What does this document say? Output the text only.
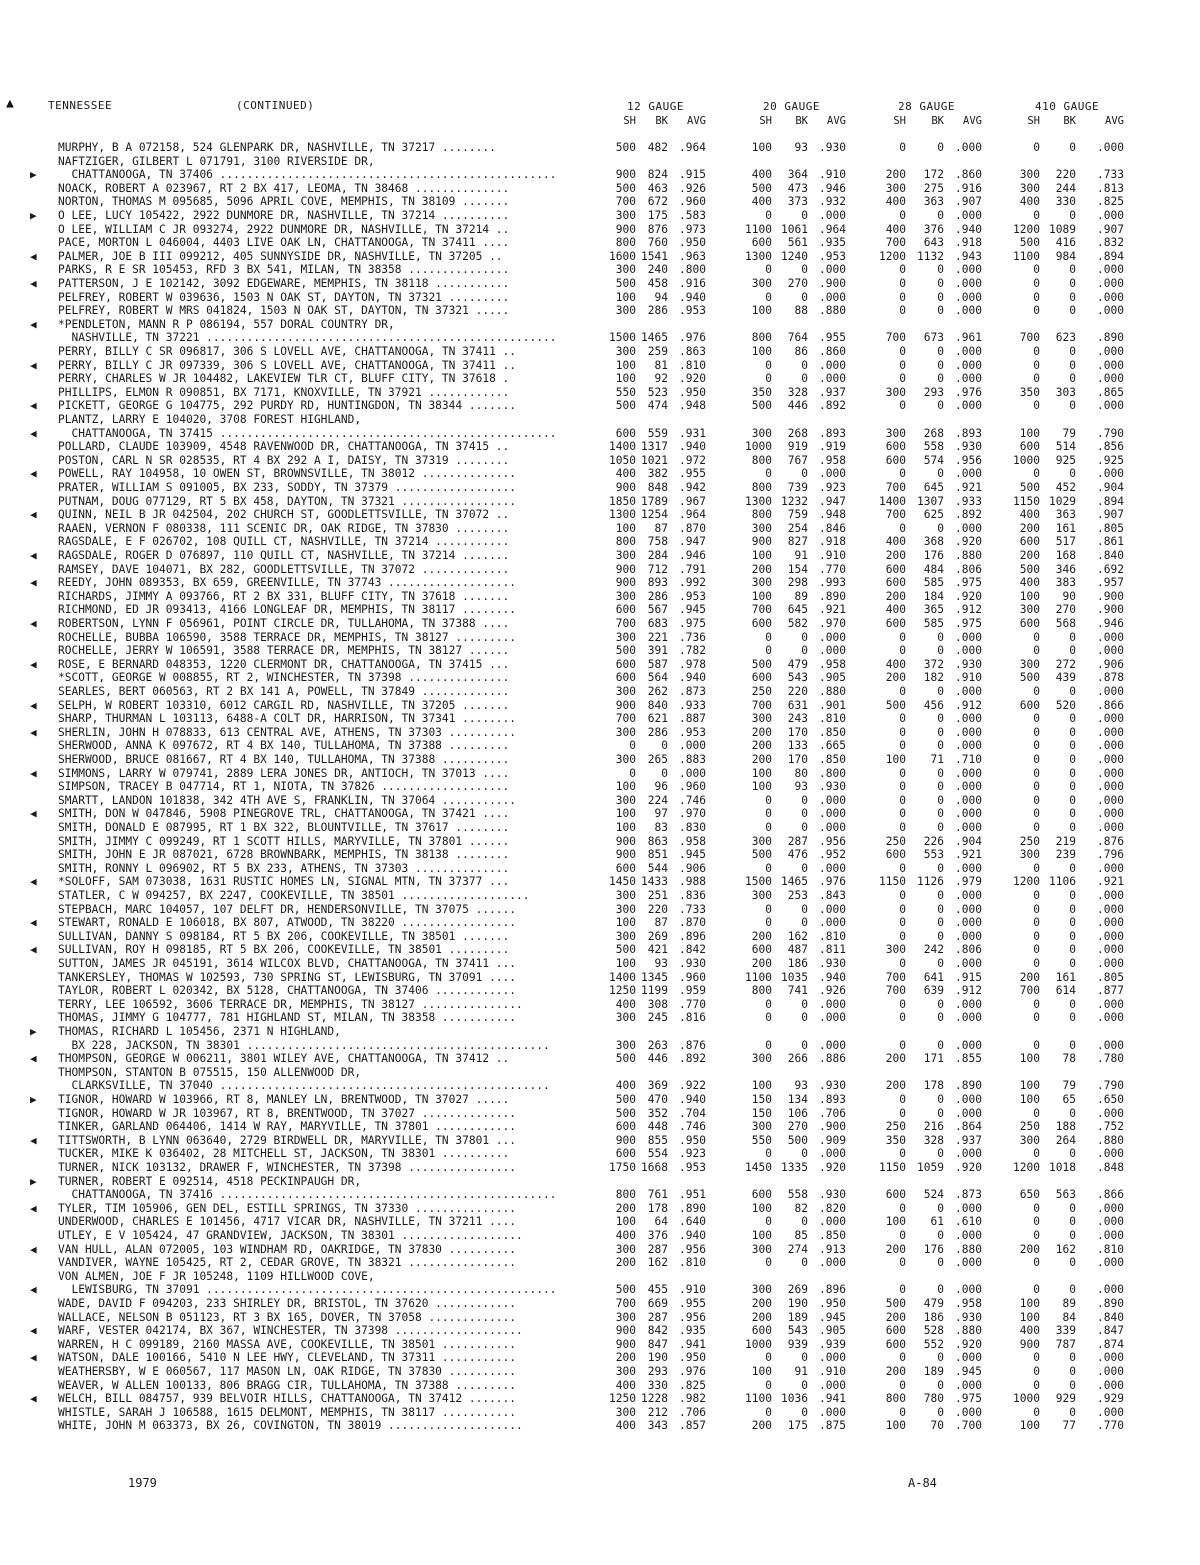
▲	TENNESSEE	(CONTINUED)	12 GAUGE	20 GAUGE	28 GAUGE	410 GAUGE
SH	BK	AVG	SH	BK	AVG	SH	BK	AVG	SH	BK	AVG
MURPHY, B A 072158, 524 GLENPARK DR, NASHVILLE, TN 37217 ........	500	482 .964	100	93 .930	0	0 .000	0	0	.000
NAFTZIGER, GILBERT L 071791, 3100 RIVERSIDE DR,
▶	CHATTANOOGA, TN 37406 ..................................................	900	824 .915	400	364 .910	200	172 .860	300	220	.733
NOACK, ROBERT A 023967, RT 2 BX 417, LEOMA, TN 38468 ..............	500	463 .926	500	473 .946	300	275 .916	300	244	.813
NORTON, THOMAS M 095685, 5096 APRIL COVE, MEMPHIS, TN 38109 .......	700	672 .960	400	373 .932	400	363 .907	400	330	.825
▶	O LEE, LUCY 105422, 2922 DUNMORE DR, NASHVILLE, TN 37214 ..........	300	175 .583	0	0 .000	0	0 .000	0	0	.000
O LEE, WILLIAM C JR 093274, 2922 DUNMORE DR, NASHVILLE, TN 37214 ..	900	876 .973	1100 1061 .964	400	376 .940	1200 1089	.907
PACE, MORTON L 046004, 4403 LIVE OAK LN, CHATTANOOGA, TN 37411 ....	800	760 .950	600	561 .935	700	643 .918	500	416	.832
◀	PALMER, JOE B III 099212, 405 SUNNYSIDE DR, NASHVILLE, TN 37205 ..	1600 1541 .963	1300 1240 .953	1200 1132 .943	1100	984	.894
PARKS, R E SR 105453, RFD 3 BX 541, MILAN, TN 38358 ...............	300	240 .800	0	0 .000	0	0 .000	0	0	.000
◀	PATTERSON, J E 102142, 3092 EDGEWARE, MEMPHIS, TN 38118 ...........	500	458 .916	300	270 .900	0	0 .000	0	0	.000
PELFREY, ROBERT W 039636, 1503 N OAK ST, DAYTON, TN 37321 .........	100	94 .940	0	0 .000	0	0 .000	0	0	.000
PELFREY, ROBERT W MRS 041824, 1503 N OAK ST, DAYTON, TN 37321 .....	300	286 .953	100	88 .880	0	0 .000	0	0	.000
◀	*PENDLETON, MANN R P 086194, 557 DORAL COUNTRY DR,
NASHVILLE, TN 37221 ....................................................	1500 1465 .976	800	764 .955	700	673 .961	700	623	.890
PERRY, BILLY C SR 096817, 306 S LOVELL AVE, CHATTANOOGA, TN 37411 ..	300	259 .863	100	86 .860	0	0 .000	0	0	.000
◀	PERRY, BILLY C JR 097339, 306 S LOVELL AVE, CHATTANOOGA, TN 37411 ..	100	81 .810	0	0 .000	0	0 .000	0	0	.000
PERRY, CHARLES W JR 104482, LAKEVIEW TLR CT, BLUFF CITY, TN 37618 .	100	92 .920	0	0 .000	0	0 .000	0	0	.000
PHILLIPS, ELMON R 090851, BX 7171, KNOXVILLE, TN 37921 ............	550	523 .950	350	328 .937	300	293 .976	350	303	.865
◀	PICKETT, GEORGE G 104775, 292 PURDY RD, HUNTINGDON, TN 38344 .......	500	474 .948	500	446 .892	0	0 .000	0	0	.000
PLANTZ, LARRY E 104020, 3708 FOREST HIGHLAND,
◀	CHATTANOOGA, TN 37415 ..................................................	600	559 .931	300	268 .893	300	268 .893	100	79	.790
POLLARD, CLAUDE 103909, 4548 RAVENWOOD DR, CHATTANOOGA, TN 37415 ..	1400 1317 .940	1000	919 .919	600	558 .930	600	514	.856
POSTON, CARL N SR 028535, RT 4 BX 292 A I, DAISY, TN 37319 ........	1050 1021 .972	800	767 .958	600	574 .956	1000	925	.925
◀	POWELL, RAY 104958, 10 OWEN ST, BROWNSVILLE, TN 38012 ..............	400	382 .955	0	0 .000	0	0 .000	0	0	.000
PRATER, WILLIAM S 091005, BX 233, SODDY, TN 37379 ..................	900	848 .942	800	739 .923	700	645 .921	500	452	.904
PUTNAM, DOUG 077129, RT 5 BX 458, DAYTON, TN 37321 .................	1850 1789 .967	1300 1232 .947	1400 1307 .933	1150 1029	.894
◀	QUINN, NEIL B JR 042504, 202 CHURCH ST, GOODLETTSVILLE, TN 37072 ..	1300 1254 .964	800	759 .948	700	625 .892	400	363	.907
RAAEN, VERNON F 080338, 111 SCENIC DR, OAK RIDGE, TN 37830 ........	100	87 .870	300	254 .846	0	0 .000	200	161	.805
RAGSDALE, E F 026702, 108 QUILL CT, NASHVILLE, TN 37214 ...........	800	758 .947	900	827 .918	400	368 .920	600	517	.861
◀	RAGSDALE, ROGER D 076897, 110 QUILL CT, NASHVILLE, TN 37214 .......	300	284 .946	100	91 .910	200	176 .880	200	168	.840
RAMSEY, DAVE 104071, BX 282, GOODLETTSVILLE, TN 37072 .............	900	712 .791	200	154 .770	600	484 .806	500	346	.692
◀	REEDY, JOHN 089353, BX 659, GREENVILLE, TN 37743 ...................	900	893 .992	300	298 .993	600	585 .975	400	383	.957
RICHARDS, JIMMY A 093766, RT 2 BX 331, BLUFF CITY, TN 37618 .......	300	286 .953	100	89 .890	200	184 .920	100	90	.900
RICHMOND, ED JR 093413, 4166 LONGLEAF DR, MEMPHIS, TN 38117 ........	600	567 .945	700	645 .921	400	365 .912	300	270	.900
◀	ROBERTSON, LYNN F 056961, POINT CIRCLE DR, TULLAHOMA, TN 37388 ....	700	683 .975	600	582 .970	600	585 .975	600	568	.946
ROCHELLE, BUBBA 106590, 3588 TERRACE DR, MEMPHIS, TN 38127 .........	300	221 .736	0	0 .000	0	0 .000	0	0	.000
ROCHELLE, JERRY W 106591, 3588 TERRACE DR, MEMPHIS, TN 38127 ......	500	391 .782	0	0 .000	0	0 .000	0	0	.000
◀	ROSE, E BERNARD 048353, 1220 CLERMONT DR, CHATTANOOGA, TN 37415 ...	600	587 .978	500	479 .958	400	372 .930	300	272	.906
*SCOTT, GEORGE W 008855, RT 2, WINCHESTER, TN 37398 ...............	600	564 .940	600	543 .905	200	182 .910	500	439	.878
SEARLES, BERT 060563, RT 2 BX 141 A, POWELL, TN 37849 .............	300	262 .873	250	220 .880	0	0 .000	0	0	.000
◀	SELPH, W ROBERT 103310, 6012 CARGIL RD, NASHVILLE, TN 37205 .......	900	840 .933	700	631 .901	500	456 .912	600	520	.866
SHARP, THURMAN L 103113, 6488-A COLT DR, HARRISON, TN 37341 ........	700	621 .887	300	243 .810	0	0 .000	0	0	.000
◀	SHERLIN, JOHN H 078833, 613 CENTRAL AVE, ATHENS, TN 37303 ..........	300	286 .953	200	170 .850	0	0 .000	0	0	.000
SHERWOOD, ANNA K 097672, RT 4 BX 140, TULLAHOMA, TN 37388 .........	0	0 .000	200	133 .665	0	0 .000	0	0	.000
SHERWOOD, BRUCE 081667, RT 4 BX 140, TULLAHOMA, TN 37388 ..........	300	265 .883	200	170 .850	100	71 .710	0	0	.000
◀	SIMMONS, LARRY W 079741, 2889 LERA JONES DR, ANTIOCH, TN 37013 ....	0	0 .000	100	80 .800	0	0 .000	0	0	.000
SIMPSON, TRACEY B 047714, RT 1, NIOTA, TN 37826 ...................	100	96 .960	100	93 .930	0	0 .000	0	0	.000
SMARTT, LANDON 101838, 342 4TH AVE S, FRANKLIN, TN 37064 ...........	300	224 .746	0	0 .000	0	0 .000	0	0	.000
◀	SMITH, DON W 047846, 5908 PINEGROVE TRL, CHATTANOOGA, TN 37421 ....	100	97 .970	0	0 .000	0	0 .000	0	0	.000
SMITH, DONALD E 087995, RT 1 BX 322, BLOUNTVILLE, TN 37617 ........	100	83 .830	0	0 .000	0	0 .000	0	0	.000
SMITH, JIMMY C 099249, RT 1 SCOTT HILLS, MARYVILLE, TN 37801 ......	900	863 .958	300	287 .956	250	226 .904	250	219	.876
SMITH, JOHN E JR 087021, 6728 BROWNBARK, MEMPHIS, TN 38138 ........	900	851 .945	500	476 .952	600	553 .921	300	239	.796
SMITH, RONNY L 096902, RT 5 BX 233, ATHENS, TN 37303 ..............	600	544 .906	0	0 .000	0	0 .000	0	0	.000
◀	*SOLOFF, SAM 073038, 1631 RUSTIC HOMES LN, SIGNAL MTN, TN 37377 ...	1450 1433 .988	1500 1465 .976	1150 1126 .979	1200 1106	.921
STATLER, C W 094257, BX 2247, COOKEVILLE, TN 38501 ...................	300	251 .836	300	253 .843	0	0 .000	0	0	.000
STEPBACH, MARC 104057, 107 DELFT DR, HENDERSONVILLE, TN 37075 ......	300	220 .733	0	0 .000	0	0 .000	0	0	.000
◀	STEWART, RONALD E 106018, BX 807, ATWOOD, TN 38220 .................	100	87 .870	0	0 .000	0	0 .000	0	0	.000
SULLIVAN, DANNY S 098184, RT 5 BX 206, COOKEVILLE, TN 38501 .......	300	269 .896	200	162 .810	0	0 .000	0	0	.000
◀	SULLIVAN, ROY H 098185, RT 5 BX 206, COOKEVILLE, TN 38501 .........	500	421 .842	600	487 .811	300	242 .806	0	0	.000
SUTTON, JAMES JR 045191, 3614 WILCOX BLVD, CHATTANOOGA, TN 37411 ...	100	93 .930	200	186 .930	0	0 .000	0	0	.000
TANKERSLEY, THOMAS W 102593, 730 SPRING ST, LEWISBURG, TN 37091 ....	1400 1345 .960	1100 1035 .940	700	641 .915	200	161	.805
TAYLOR, ROBERT L 020342, BX 5128, CHATTANOOGA, TN 37406 ............	1250 1199 .959	800	741 .926	700	639 .912	700	614	.877
TERRY, LEE 106592, 3606 TERRACE DR, MEMPHIS, TN 38127 ...............	400	308 .770	0	0 .000	0	0 .000	0	0	.000
THOMAS, JIMMY G 104777, 781 HIGHLAND ST, MILAN, TN 38358 ...........	300	245 .816	0	0 .000	0	0 .000	0	0	.000
▶	THOMAS, RICHARD L 105456, 2371 N HIGHLAND,
BX 228, JACKSON, TN 38301 .............................................	300	263 .876	0	0 .000	0	0 .000	0	0	.000
◀	THOMPSON, GEORGE W 006211, 3801 WILEY AVE, CHATTANOOGA, TN 37412 ..	500	446 .892	300	266 .886	200	171 .855	100	78	.780
THOMPSON, STANTON B 075515, 150 ALLENWOOD DR,
CLARKSVILLE, TN 37040 .................................................	400	369 .922	100	93 .930	200	178 .890	100	79	.790
▶	TIGNOR, HOWARD W 103966, RT 8, MANLEY LN, BRENTWOOD, TN 37027 .....	500	470 .940	150	134 .893	0	0 .000	100	65	.650
TIGNOR, HOWARD W JR 103967, RT 8, BRENTWOOD, TN 37027 ..............	500	352 .704	150	106 .706	0	0 .000	0	0	.000
TINKER, GARLAND 064406, 1414 W RAY, MARYVILLE, TN 37801 ............	600	448 .746	300	270 .900	250	216 .864	250	188	.752
◀	TITTSWORTH, B LYNN 063640, 2729 BIRDWELL DR, MARYVILLE, TN 37801 ...	900	855 .950	550	500 .909	350	328 .937	300	264	.880
TUCKER, MIKE K 036402, 28 MITCHELL ST, JACKSON, TN 38301 ..........	600	554 .923	0	0 .000	0	0 .000	0	0	.000
TURNER, NICK 103132, DRAWER F, WINCHESTER, TN 37398 ................	1750 1668 .953	1450 1335 .920	1150 1059 .920	1200 1018	.848
▶	TURNER, ROBERT E 092514, 4518 PECKINPAUGH DR,
CHATTANOOGA, TN 37416 ..................................................	800	761 .951	600	558 .930	600	524 .873	650	563	.866
◀	TYLER, TIM 105906, GEN DEL, ESTILL SPRINGS, TN 37330 ...............	200	178 .890	100	82 .820	0	0 .000	0	0	.000
UNDERWOOD, CHARLES E 101456, 4717 VICAR DR, NASHVILLE, TN 37211 ....	100	64 .640	0	0 .000	100	61 .610	0	0	.000
UTLEY, E V 105424, 47 GRANDVIEW, JACKSON, TN 38301 ..................	400	376 .940	100	85 .850	0	0 .000	0	0	.000
◀	VAN HULL, ALAN 072005, 103 WINDHAM RD, OAKRIDGE, TN 37830 ..........	300	287 .956	300	274 .913	200	176 .880	200	162	.810
VANDIVER, WAYNE 105425, RT 2, CEDAR GROVE, TN 38321 ................	200	162 .810	0	0 .000	0	0 .000	0	0	.000
VON ALMEN, JOE F JR 105248, 1109 HILLWOOD COVE,
◀	LEWISBURG, TN 37091 ....................................................	500	455 .910	300	269 .896	0	0 .000	0	0	.000
WADE, DAVID F 094203, 233 SHIRLEY DR, BRISTOL, TN 37620 ............	700	669 .955	200	190 .950	500	479 .958	100	89	.890
WALLACE, NELSON B 051123, RT 3 BX 165, DOVER, TN 37058 .............	300	287 .956	200	189 .945	200	186 .930	100	84	.840
◀	WARF, VESTER 042174, BX 367, WINCHESTER, TN 37398 ...................	900	842 .935	600	543 .905	600	528 .880	400	339	.847
WARREN, H C 099189, 2160 MASSA AVE, COOKEVILLE, TN 38501 ...........	900	847 .941	1000	939 .939	600	552 .920	900	787	.874
◀	WATSON, DALE 100166, 5410 N LEE HWY, CLEVELAND, TN 37311 ...........	200	190 .950	0	0 .000	0	0 .000	0	0	.000
WEATHERSBY, W E 060567, 117 MASON LN, OAK RIDGE, TN 37830 ..........	300	293 .976	100	91 .910	200	189 .945	0	0	.000
WEAVER, W ALLEN 100133, 806 BRAGG CIR, TULLAHOMA, TN 37388 .........	400	330 .825	0	0 .000	0	0 .000	0	0	.000
◀	WELCH, BILL 084757, 939 BELVOIR HILLS, CHATTANOOGA, TN 37412 .......	1250 1228 .982	1100 1036 .941	800	780 .975	1000	929	.929
WHISTLE, SARAH J 106588, 1615 DELMONT, MEMPHIS, TN 38117 ...........	300	212 .706	0	0 .000	0	0 .000	0	0	.000
WHITE, JOHN M 063373, BX 26, COVINGTON, TN 38019 ....................	400	343 .857	200	175 .875	100	70 .700	100	77	.770
1979	A-84
